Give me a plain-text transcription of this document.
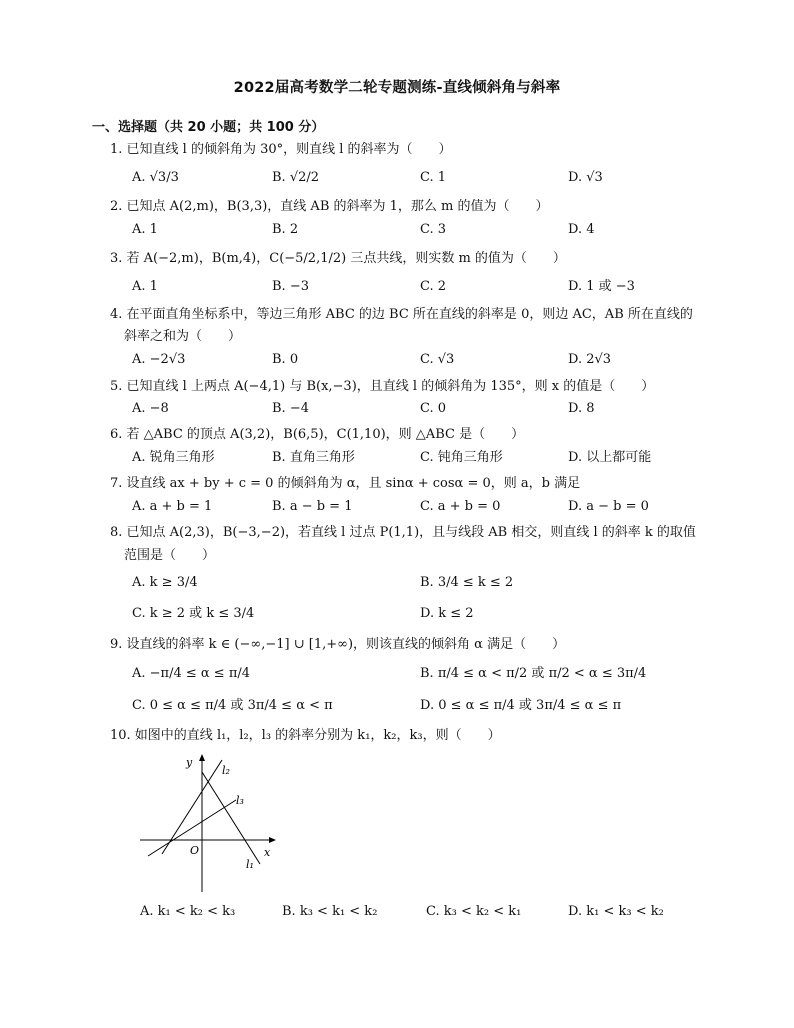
2022届高考数学二轮专题测练-直线倾斜角与斜率
一、选择题（共 20 小题；共 100 分）
1. 已知直线 l 的倾斜角为 30°，则直线 l 的斜率为（　　）
A. √3/3	B. √2/2	C. 1	D. √3
2. 已知点 A(2,m)，B(3,3)，直线 AB 的斜率为 1，那么 m 的值为（　　）
A. 1	B. 2	C. 3	D. 4
3. 若 A(−2,m)，B(m,4)，C(−5/2,1/2) 三点共线，则实数 m 的值为（　　）
A. 1	B. −3	C. 2	D. 1 或 −3
4. 在平面直角坐标系中，等边三角形 ABC 的边 BC 所在直线的斜率是 0，则边 AC，AB 所在直线的
斜率之和为（　　）
A. −2√3	B. 0	C. √3	D. 2√3
5. 已知直线 l 上两点 A(−4,1) 与 B(x,−3)，且直线 l 的倾斜角为 135°，则 x 的值是（　　）
A. −8	B. −4	C. 0	D. 8
6. 若 △ABC 的顶点 A(3,2)，B(6,5)，C(1,10)，则 △ABC 是（　　）
A. 锐角三角形	B. 直角三角形	C. 钝角三角形	D. 以上都可能
7. 设直线 ax + by + c = 0 的倾斜角为 α，且 sinα + cosα = 0，则 a，b 满足
A. a + b = 1	B. a − b = 1	C. a + b = 0	D. a − b = 0
8. 已知点 A(2,3)，B(−3,−2)，若直线 l 过点 P(1,1)，且与线段 AB 相交，则直线 l 的斜率 k 的取值
范围是（　　）
A. k ≥ 3/4	B. 3/4 ≤ k ≤ 2
C. k ≥ 2 或 k ≤ 3/4	D. k ≤ 2
9. 设直线的斜率 k ∈ (−∞,−1] ∪ [1,+∞)，则该直线的倾斜角 α 满足（　　）
A. −π/4 ≤ α ≤ π/4	B. π/4 ≤ α < π/2 或 π/2 < α ≤ 3π/4
C. 0 ≤ α ≤ π/4 或 3π/4 ≤ α < π	D. 0 ≤ α ≤ π/4 或 3π/4 ≤ α ≤ π
10. 如图中的直线 l₁，l₂，l₃ 的斜率分别为 k₁，k₂，k₃，则（　　）
y
x
O
l₂
l₃
l₁
A. k₁ < k₂ < k₃	B. k₃ < k₁ < k₂	C. k₃ < k₂ < k₁	D. k₁ < k₃ < k₂
